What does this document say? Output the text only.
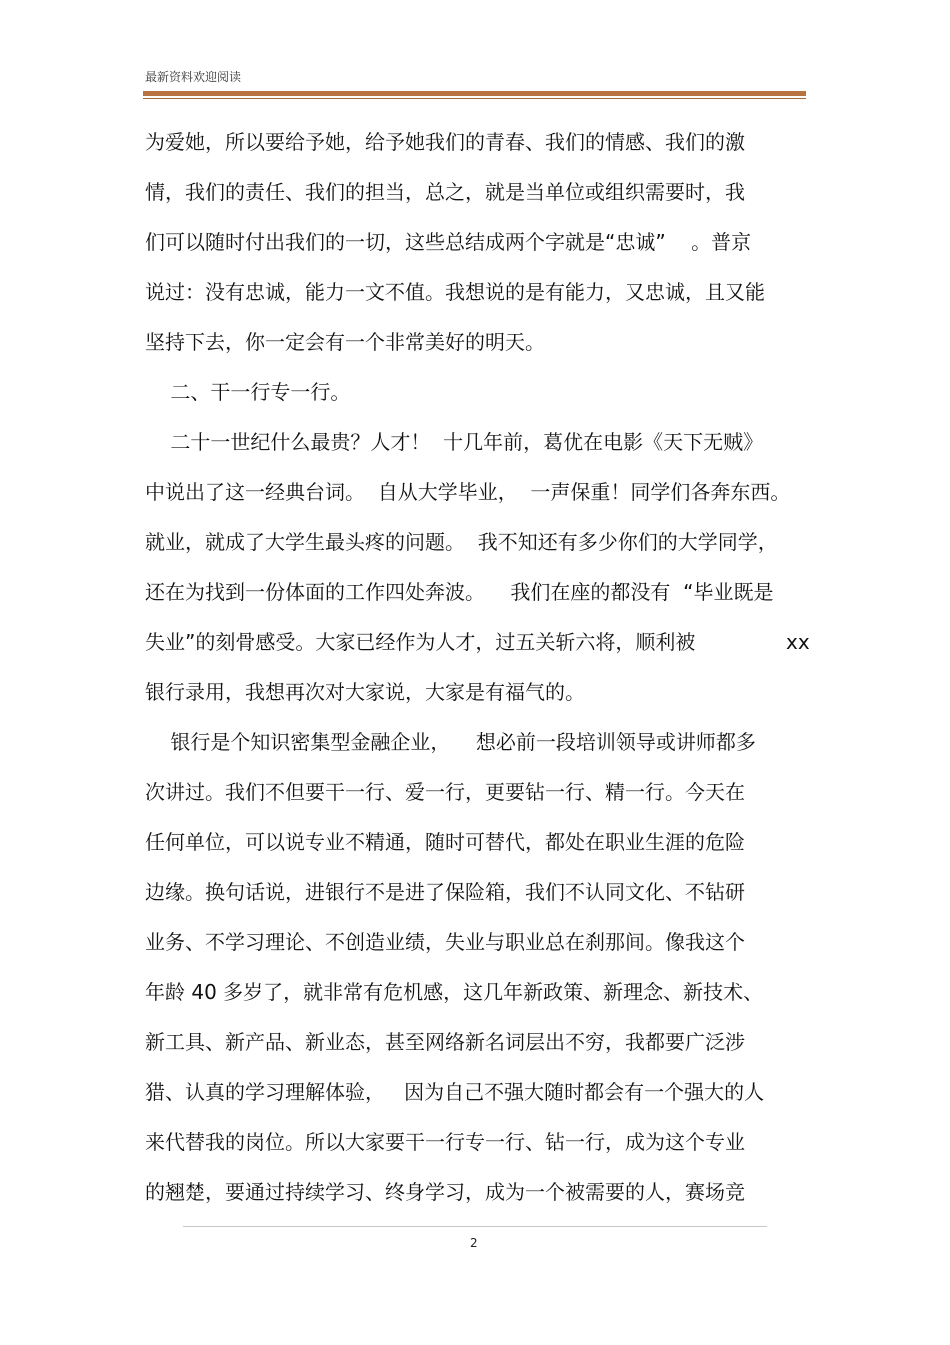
最新资料欢迎阅读
为爱她，所以要给予她，给予她我们的青春、我们的情感、我们的激
情，我们的责任、我们的担当，总之，就是当单位或组织需要时，我
们可以随时付出我们的一切，这些总结成两个字就是“忠诚”    。普京
说过：没有忠诚，能力一文不值。我想说的是有能力，又忠诚，且又能
坚持下去，你一定会有一个非常美好的明天。
二、干一行专一行。
二十一世纪什么最贵？人才！  十几年前，葛优在电影《天下无贼》
中说出了这一经典台词。  自从大学毕业，  一声保重！同学们各奔东西。
就业，就成了大学生最头疼的问题。  我不知还有多少你们的大学同学，
还在为找到一份体面的工作四处奔波。    我们在座的都没有  “毕业既是
失业”的刻骨感受。大家已经作为人才，过五关斩六将，顺利被	xx
银行录用，我想再次对大家说，大家是有福气的。
银行是个知识密集型金融企业，    想必前一段培训领导或讲师都多
次讲过。我们不但要干一行、爱一行，更要钻一行、精一行。今天在
任何单位，可以说专业不精通，随时可替代，都处在职业生涯的危险
边缘。换句话说，进银行不是进了保险箱，我们不认同文化、不钻研
业务、不学习理论、不创造业绩，失业与职业总在刹那间。像我这个
年龄 40 多岁了，就非常有危机感，这几年新政策、新理念、新技术、
新工具、新产品、新业态，甚至网络新名词层出不穷，我都要广泛涉
猎、认真的学习理解体验，   因为自己不强大随时都会有一个强大的人
来代替我的岗位。所以大家要干一行专一行、钻一行，成为这个专业
的翘楚，要通过持续学习、终身学习，成为一个被需要的人，赛场竞
2
